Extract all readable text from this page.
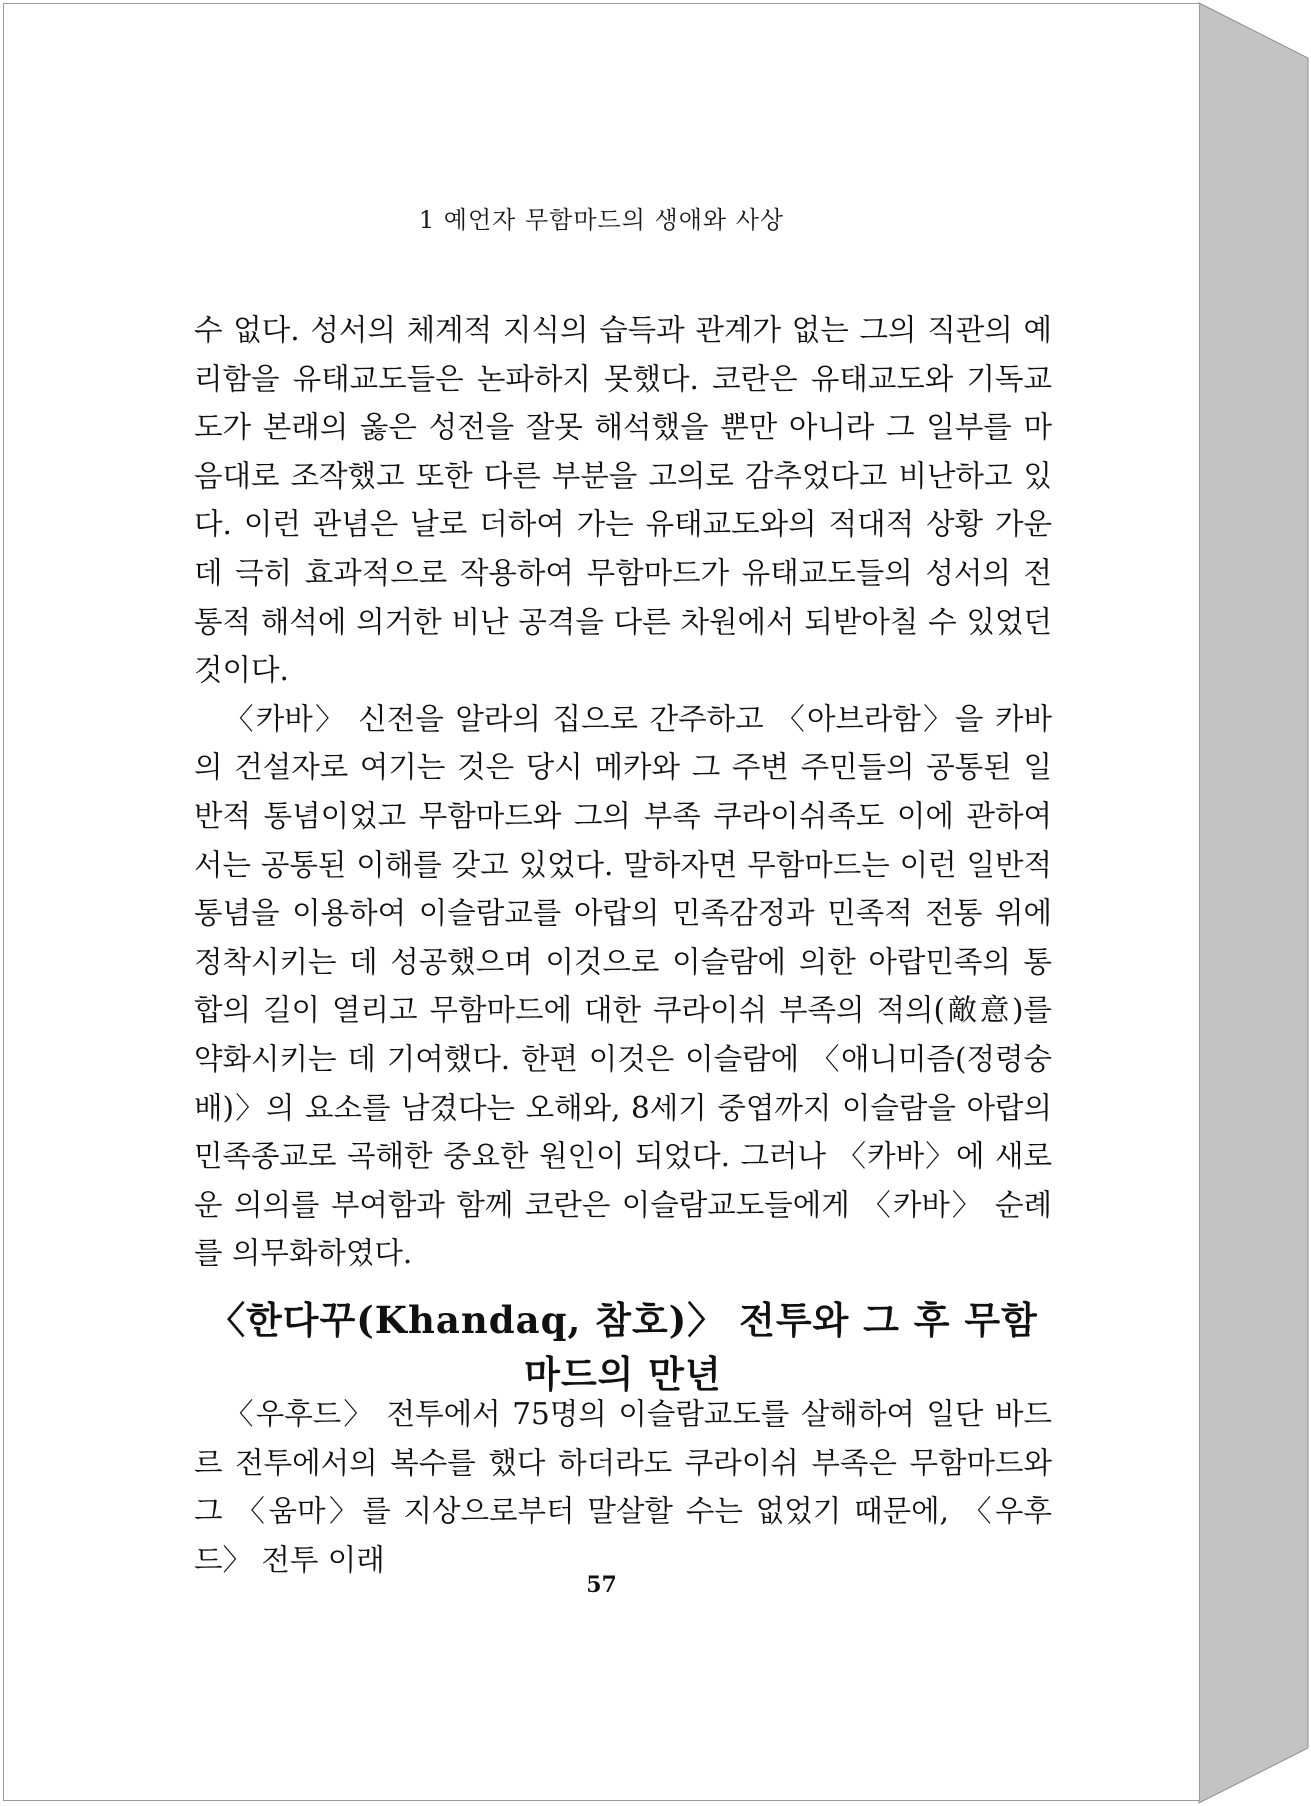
1 예언자 무함마드의 생애와 사상

수 없다. 성서의 체계적 지식의 습득과 관계가 없는 그의 직관의 예리함을 유태교도들은 논파하지 못했다. 코란은 유태교도와 기독교도가 본래의 옳은 성전을 잘못 해석했을 뿐만 아니라 그 일부를 마음대로 조작했고 또한 다른 부분을 고의로 감추었다고 비난하고 있다. 이런 관념은 날로 더하여 가는 유태교도와의 적대적 상황 가운데 극히 효과적으로 작용하여 무함마드가 유태교도들의 성서의 전통적 해석에 의거한 비난 공격을 다른 차원에서 되받아칠 수 있었던 것이다.

〈카바〉 신전을 알라의 집으로 간주하고 〈아브라함〉을 카바의 건설자로 여기는 것은 당시 메카와 그 주변 주민들의 공통된 일반적 통념이었고 무함마드와 그의 부족 쿠라이쉬족도 이에 관하여서는 공통된 이해를 갖고 있었다. 말하자면 무함마드는 이런 일반적 통념을 이용하여 이슬람교를 아랍의 민족감정과 민족적 전통 위에 정착시키는 데 성공했으며 이것으로 이슬람에 의한 아랍민족의 통합의 길이 열리고 무함마드에 대한 쿠라이쉬 부족의 적의(敵意)를 약화시키는 데 기여했다. 한편 이것은 이슬람에 〈애니미즘(정령숭배)〉의 요소를 남겼다는 오해와, 8세기 중엽까지 이슬람을 아랍의 민족종교로 곡해한 중요한 원인이 되었다. 그러나 〈카바〉에 새로운 의의를 부여함과 함께 코란은 이슬람교도들에게 〈카바〉 순례를 의무화하였다.

〈한다꾸(Khandaq, 참호)〉 전투와 그 후 무함마드의 만년

〈우후드〉 전투에서 75명의 이슬람교도를 살해하여 일단 바드르 전투에서의 복수를 했다 하더라도 쿠라이쉬 부족은 무함마드와 그 〈움마〉를 지상으로부터 말살할 수는 없었기 때문에, 〈우후드〉 전투 이래

57
